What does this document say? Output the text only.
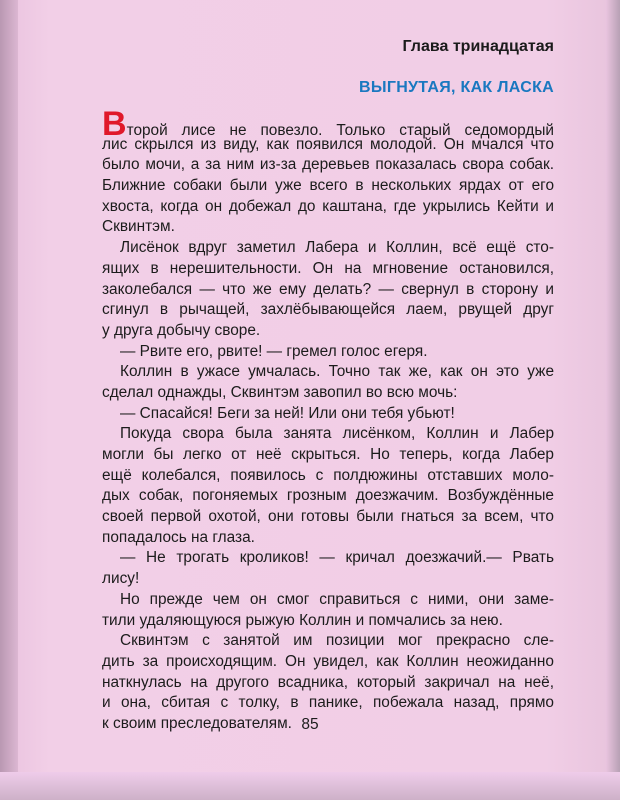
Глава тринадцатая
ВЫГНУТАЯ, КАК ЛАСКА
Второй лисе не повезло. Только старый седомордый
лис скрылся из виду, как появился молодой. Он мчался что
было мочи, а за ним из-за деревьев показалась свора собак.
Ближние собаки были уже всего в нескольких ярдах от его
хвоста, когда он добежал до каштана, где укрылись Кейти и
Сквинтэм.
Лисёнок вдруг заметил Лабера и Коллин, всё ещё сто-
ящих в нерешительности. Он на мгновение остановился,
заколебался — что же ему делать? — свернул в сторону и
сгинул в рычащей, захлёбывающейся лаем, рвущей друг
у друга добычу своре.
— Рвите его, рвите! — гремел голос егеря.
Коллин в ужасе умчалась. Точно так же, как он это уже
сделал однажды, Сквинтэм завопил во всю мочь:
— Спасайся! Беги за ней! Или они тебя убьют!
Покуда свора была занята лисёнком, Коллин и Лабер
могли бы легко от неё скрыться. Но теперь, когда Лабер
ещё колебался, появилось с полдюжины отставших моло-
дых собак, погоняемых грозным доезжачим. Возбуждённые
своей первой охотой, они готовы были гнаться за всем, что
попадалось на глаза.
— Не трогать кроликов! — кричал доезжачий.— Рвать
лису!
Но прежде чем он смог справиться с ними, они заме-
тили удаляющуюся рыжую Коллин и помчались за нею.
Сквинтэм с занятой им позиции мог прекрасно сле-
дить за происходящим. Он увидел, как Коллин неожиданно
наткнулась на другого всадника, который закричал на неё,
и она, сбитая с толку, в панике, побежала назад, прямо
к своим преследователям. 85
